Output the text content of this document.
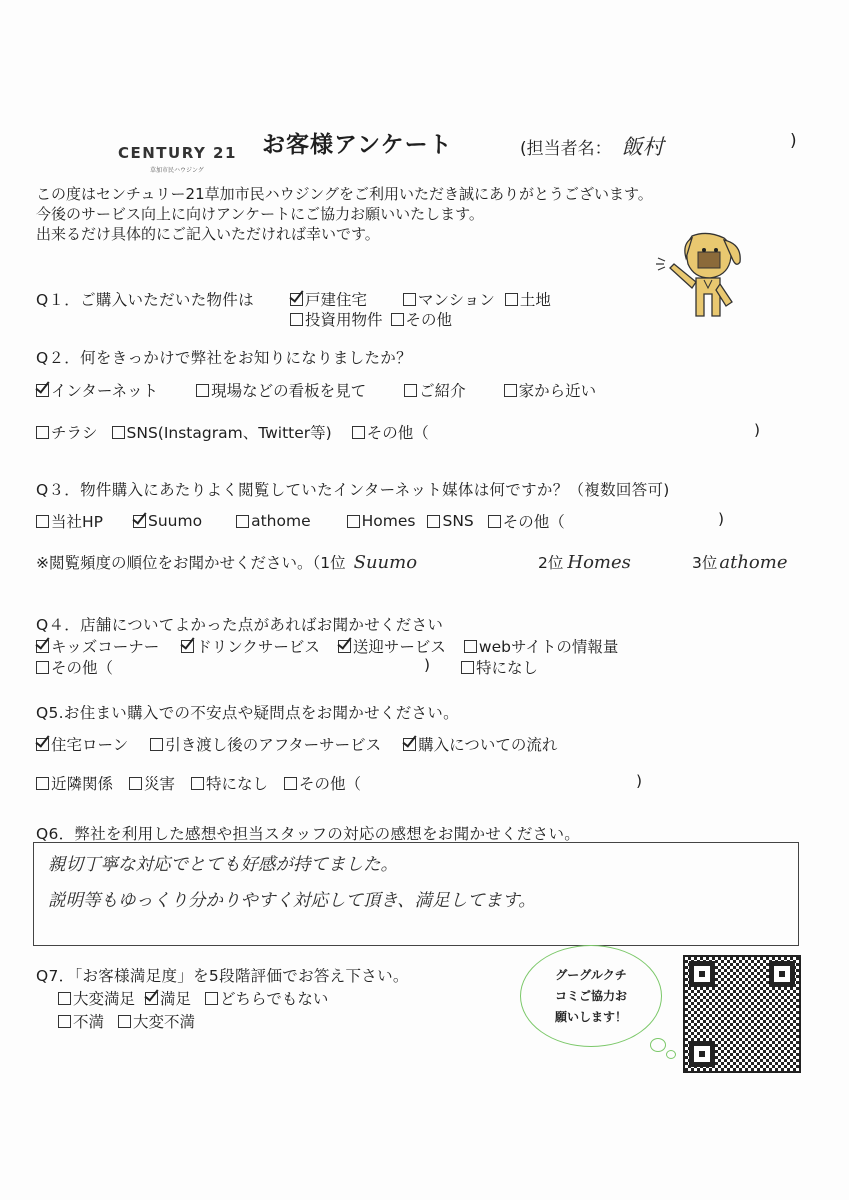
CENTURY 21
草加市民ハウジング
お客様アンケート	(担当者名： 飯村	)
この度はセンチュリー21草加市民ハウジングをご利用いただき誠にありがとうございます。
今後のサービス向上に向けアンケートにご協力お願いいたします。
出来るだけ具体的にご記入いただければ幸いです。
Q１．ご購入いただいた物件は	戸建住宅	マンション 土地
投資用物件 その他
Q２．何をきっかけで弊社をお知りになりましたか？
インターネット	現場などの看板を見て	ご紹介	家から近い
チラシ SNS(Instagram、Twitter等) その他（	)
Q３．物件購入にあたりよく閲覧していたインターネット媒体は何ですか？（複数回答可)
当社HP	Suumo	athome	Homes SNS その他（	)
※閲覧頻度の順位をお聞かせください。（1位 Suumo	2位 Homes	3位 athome
Q４．店舗についてよかった点があればお聞かせください
キッズコーナー ドリンクサービス 送迎サービス webサイトの情報量
その他（	)	特になし
Q5.お住まい購入での不安点や疑問点をお聞かせください。
住宅ローン 引き渡し後のアフターサービス 購入についての流れ
近隣関係 災害 特になし その他（	)
Q6．弊社を利用した感想や担当スタッフの対応の感想をお聞かせください。
親切丁寧な対応でとても好感が持てました。
説明等もゆっくり分かりやすく対応して頂き、満足してます。
Q7．「お客様満足度」を5段階評価でお答え下さい。
大変満足 満足 どちらでもない
不満 大変不満
グーグルクチ
コミご協力お
願いします！
